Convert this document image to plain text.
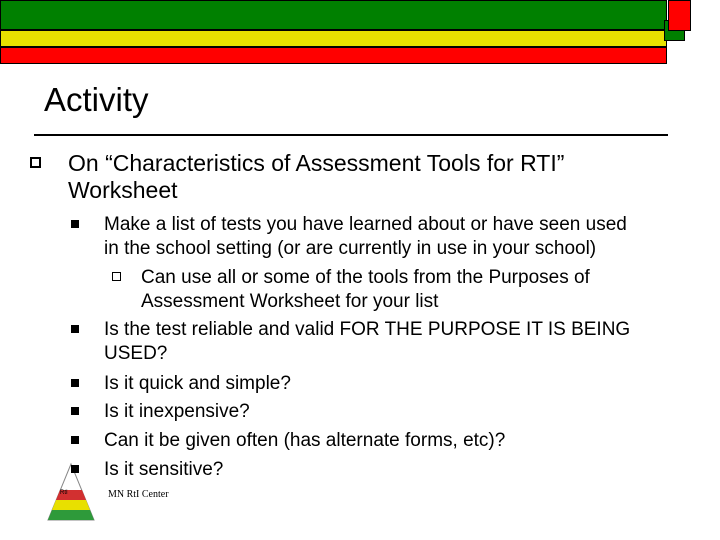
Activity
On “Characteristics of Assessment Tools for RTI” Worksheet
Make a list of tests you have learned about or have seen used
in the school setting (or are currently in use in your school)
Can use all or some of the tools from the Purposes of
Assessment Worksheet for your list
Is the test reliable and valid FOR THE PURPOSE IT IS BEING
USED?
Is it quick and simple?
Is it inexpensive?
Can it be given often (has alternate forms, etc)?
RtI
Is it sensitive?
MN RtI Center
